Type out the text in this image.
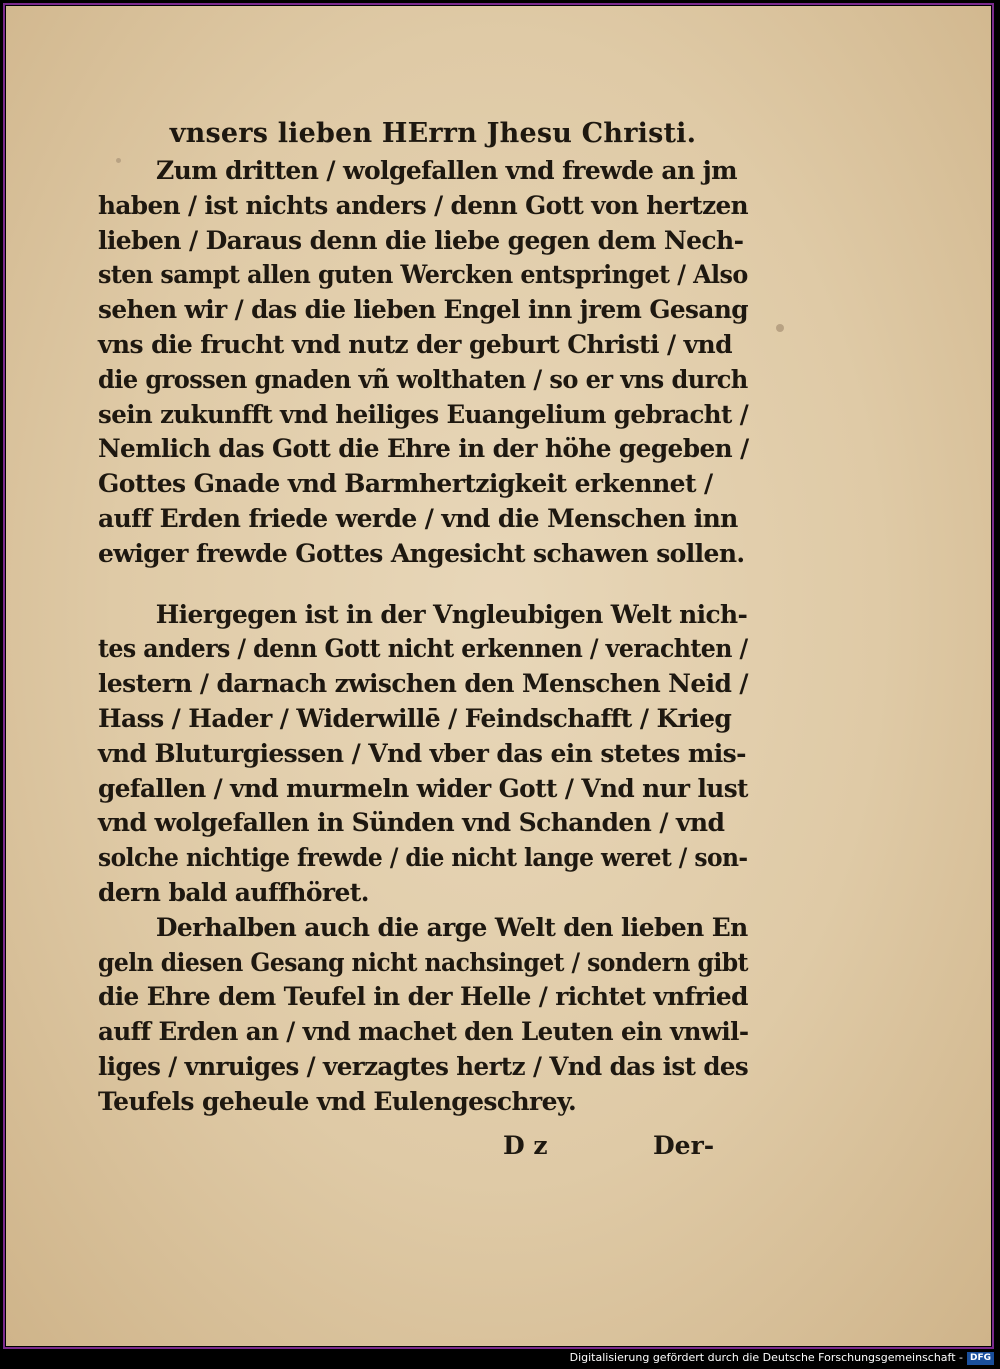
vnsers lieben HErrn Jhesu Christi.
Zum dritten / wolgefallen vnd frewde an jm
haben / ist nichts anders / denn Gott von hertzen
lieben / Daraus denn die liebe gegen dem Nech-
sten sampt allen guten Wercken entspringet / Also
sehen wir / das die lieben Engel inn jrem Gesang
vns die frucht vnd nutz der geburt Christi / vnd
die grossen gnaden vñ wolthaten / so er vns durch
sein zukunfft vnd heiliges Euangelium gebracht /
Nemlich das Gott die Ehre in der höhe gegeben /
Gottes Gnade vnd Barmhertzigkeit erkennet /
auff Erden friede werde / vnd die Menschen inn
ewiger frewde Gottes Angesicht schawen sollen.
Hiergegen ist in der Vngleubigen Welt nich-
tes anders / denn Gott nicht erkennen / verachten /
lestern / darnach zwischen den Menschen Neid /
Hass / Hader / Widerwillē / Feindschafft / Krieg
vnd Bluturgiessen / Vnd vber das ein stetes mis-
gefallen / vnd murmeln wider Gott / Vnd nur lust
vnd wolgefallen in Sünden vnd Schanden / vnd
solche nichtige frewde / die nicht lange weret / son-
dern bald auffhöret.
Derhalben auch die arge Welt den lieben En
geln diesen Gesang nicht nachsinget / sondern gibt
die Ehre dem Teufel in der Helle / richtet vnfried
auff Erden an / vnd machet den Leuten ein vnwil-
liges / vnruiges / verzagtes hertz / Vnd das ist des
Teufels geheule vnd Eulengeschrey.
D z	Der-
Digitalisierung gefördert durch die Deutsche Forschungsgemeinschaft - DFG
